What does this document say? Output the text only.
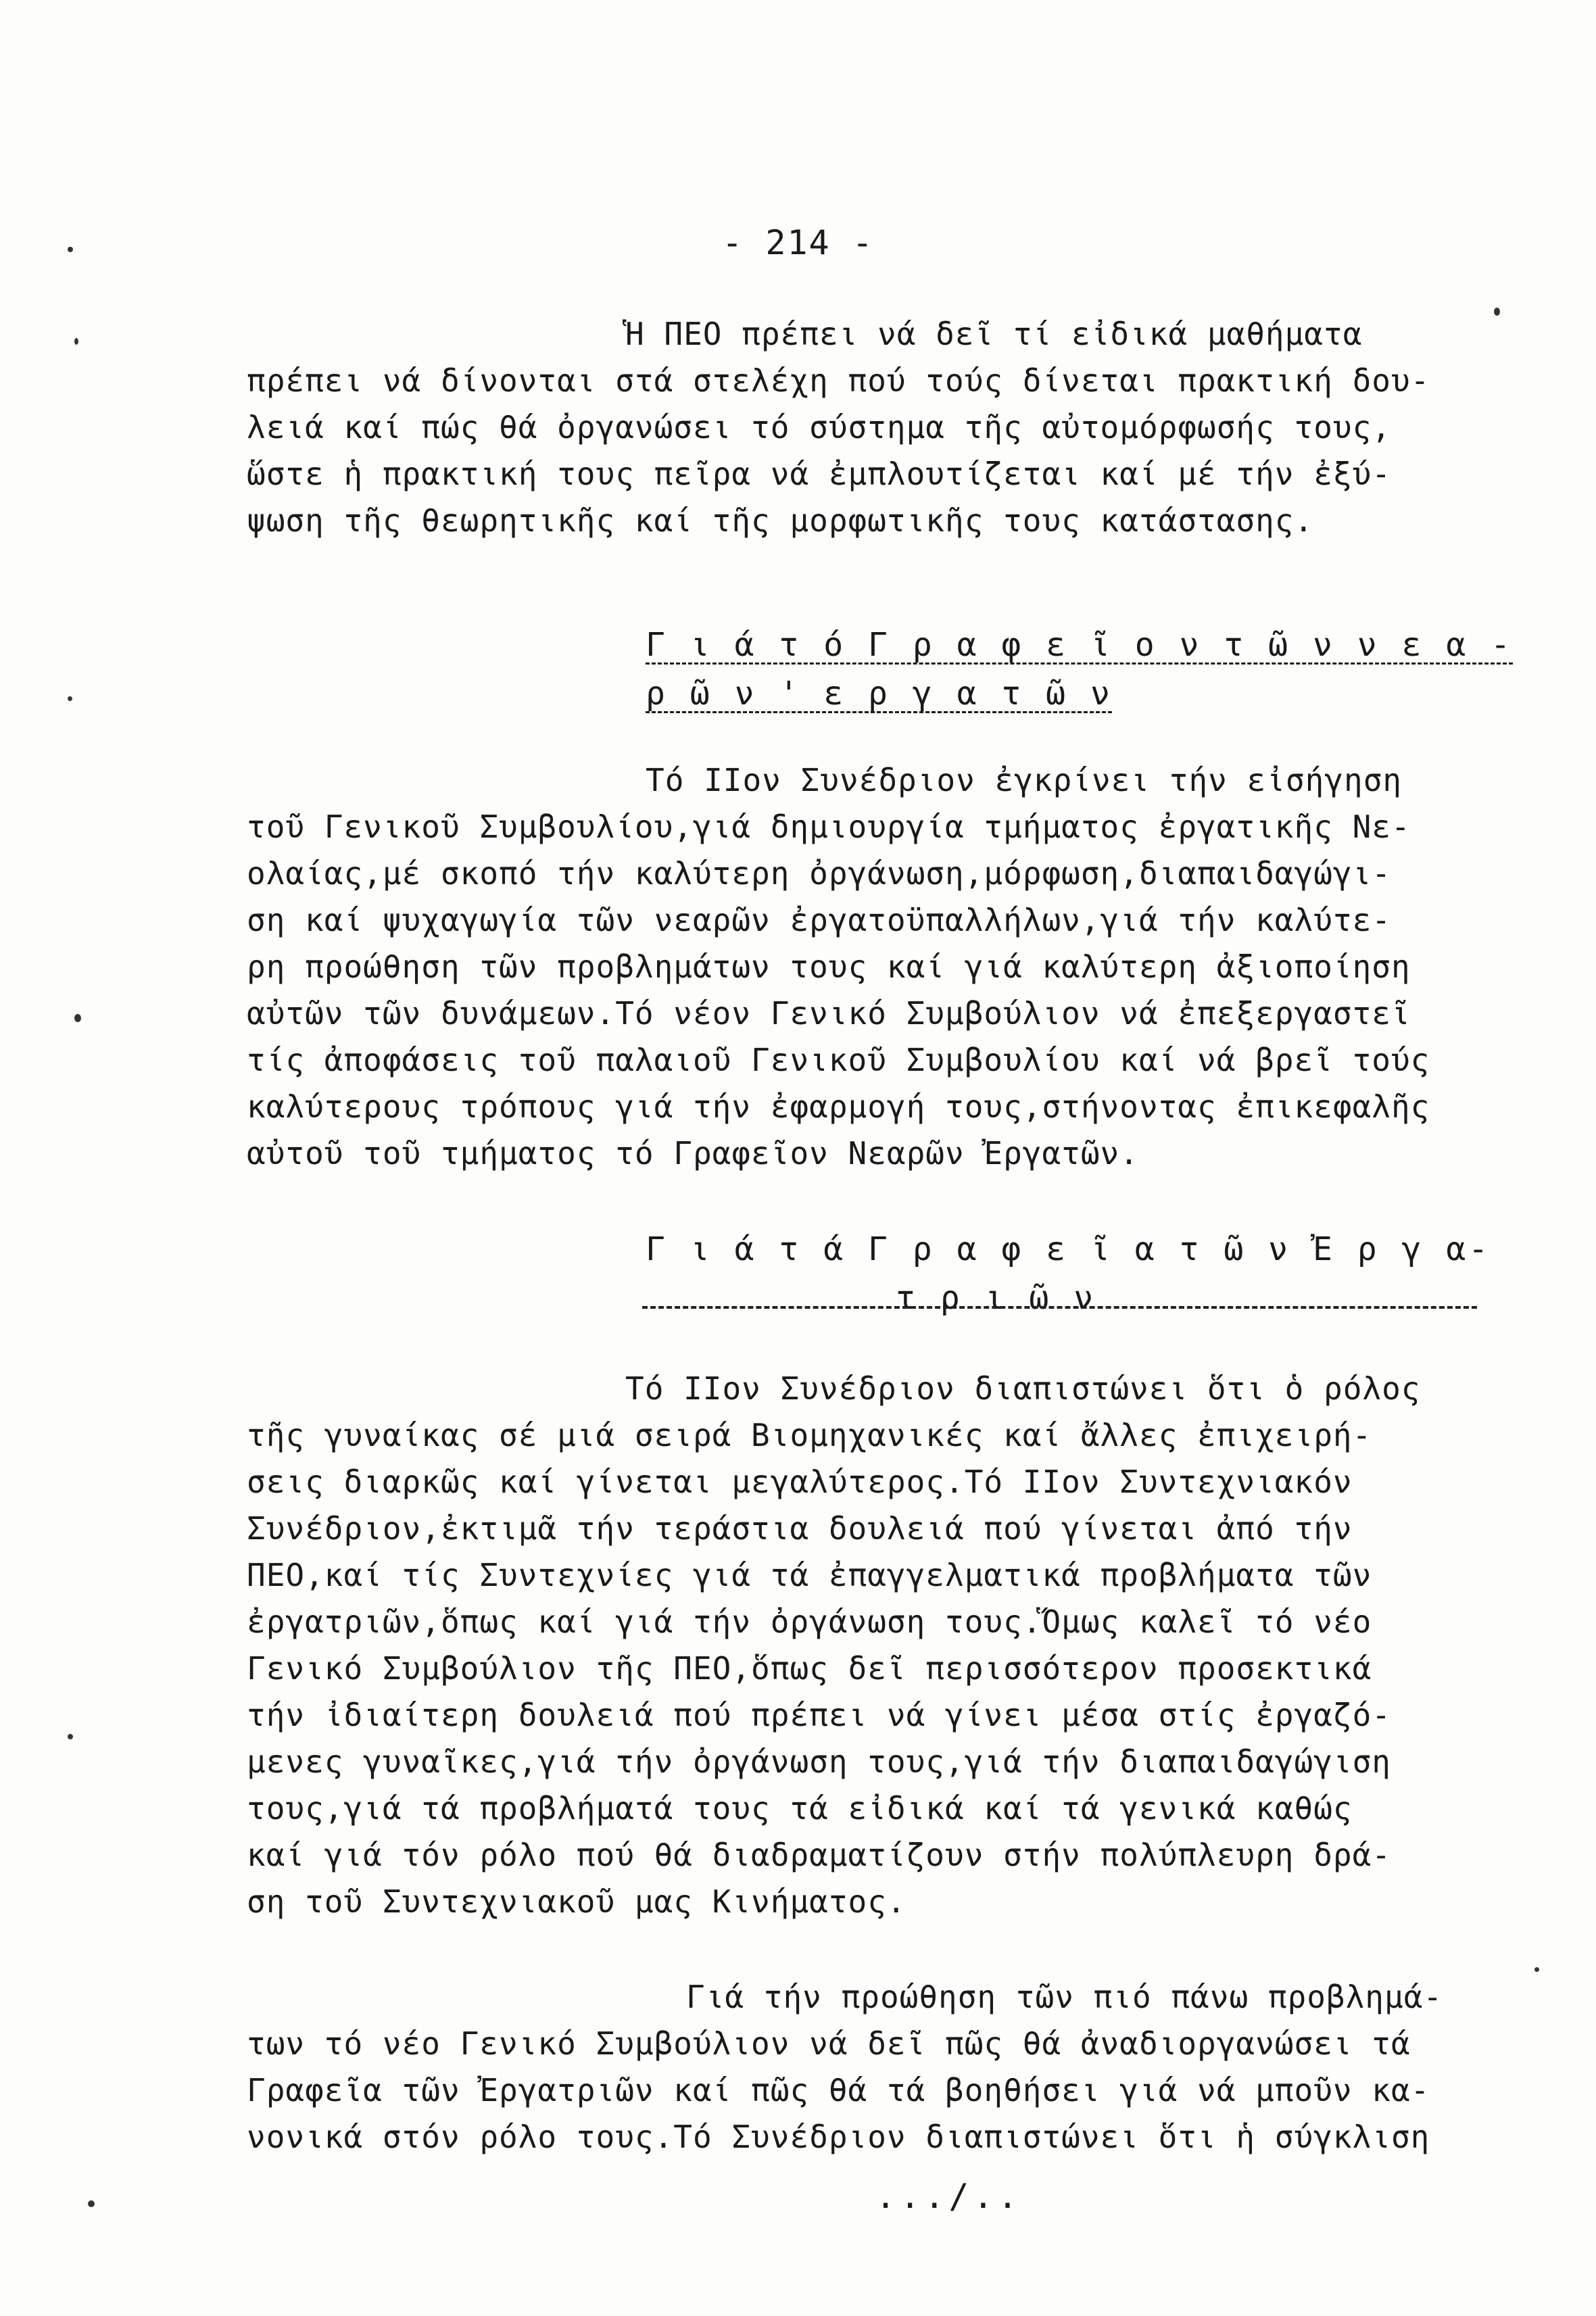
- 214 -
Ἡ ΠΕΟ πρέπει νά δεῖ τί εἰδικά μαθήματα
πρέπει νά δίνονται στά στελέχη πού τούς δίνεται πρακτική δου-
λειά καί πώς θά ὀργανώσει τό σύστημα τῆς αὐτομόρφωσής τους,
ὥστε ἡ πρακτική τους πεῖρα νά ἐμπλουτίζεται καί μέ τήν ἐξύ-
ψωση τῆς θεωρητικῆς καί τῆς μορφωτικῆς τους κατάστασης.
Γ ι ά τ ό Γ ρ α φ ε ῖ ο ν τ ῶ ν ν ε α -
ρ ῶ ν ' ε ρ γ α τ ῶ ν
Τό ΙΙον Συνέδριον ἐγκρίνει τήν εἰσήγηση
τοῦ Γενικοῦ Συμβουλίου,γιά δημιουργία τμήματος ἐργατικῆς Νε-
ολαίας,μέ σκοπό τήν καλύτερη ὀργάνωση,μόρφωση,διαπαιδαγώγι-
ση καί ψυχαγωγία τῶν νεαρῶν ἐργατοϋπαλλήλων,γιά τήν καλύτε-
ρη προώθηση τῶν προβλημάτων τους καί γιά καλύτερη ἀξιοποίηση
αὐτῶν τῶν δυνάμεων.Τό νέον Γενικό Συμβούλιον νά ἐπεξεργαστεῖ
τίς ἀποφάσεις τοῦ παλαιοῦ Γενικοῦ Συμβουλίου καί νά βρεῖ τούς
καλύτερους τρόπους γιά τήν ἐφαρμογή τους,στήνοντας ἐπικεφαλῆς
αὐτοῦ τοῦ τμήματος τό Γραφεῖον Νεαρῶν Ἐργατῶν.
Γ ι ά τ ά Γ ρ α φ ε ῖ α τ ῶ ν Ἐ ρ γ α-
τ ρ ι ῶ ν
Τό ΙΙον Συνέδριον διαπιστώνει ὅτι ὁ ρόλος
τῆς γυναίκας σέ μιά σειρά Βιομηχανικές καί ἄλλες ἐπιχειρή-
σεις διαρκῶς καί γίνεται μεγαλύτερος.Τό ΙΙον Συντεχνιακόν
Συνέδριον,ἐκτιμᾶ τήν τεράστια δουλειά πού γίνεται ἀπό τήν
ΠΕΟ,καί τίς Συντεχνίες γιά τά ἐπαγγελματικά προβλήματα τῶν
ἐργατριῶν,ὅπως καί γιά τήν ὀργάνωση τους.Ὅμως καλεῖ τό νέο
Γενικό Συμβούλιον τῆς ΠΕΟ,ὅπως δεῖ περισσότερον προσεκτικά
τήν ἰδιαίτερη δουλειά πού πρέπει νά γίνει μέσα στίς ἐργαζό-
μενες γυναῖκες,γιά τήν ὀργάνωση τους,γιά τήν διαπαιδαγώγιση
τους,γιά τά προβλήματά τους τά εἰδικά καί τά γενικά καθώς
καί γιά τόν ρόλο πού θά διαδραματίζουν στήν πολύπλευρη δρά-
ση τοῦ Συντεχνιακοῦ μας Κινήματος.
Γιά τήν προώθηση τῶν πιό πάνω προβλημά-
των τό νέο Γενικό Συμβούλιον νά δεῖ πῶς θά ἀναδιοργανώσει τά
Γραφεῖα τῶν Ἐργατριῶν καί πῶς θά τά βοηθήσει γιά νά μποῦν κα-
νονικά στόν ρόλο τους.Τό Συνέδριον διαπιστώνει ὅτι ἡ σύγκλιση
.../..
